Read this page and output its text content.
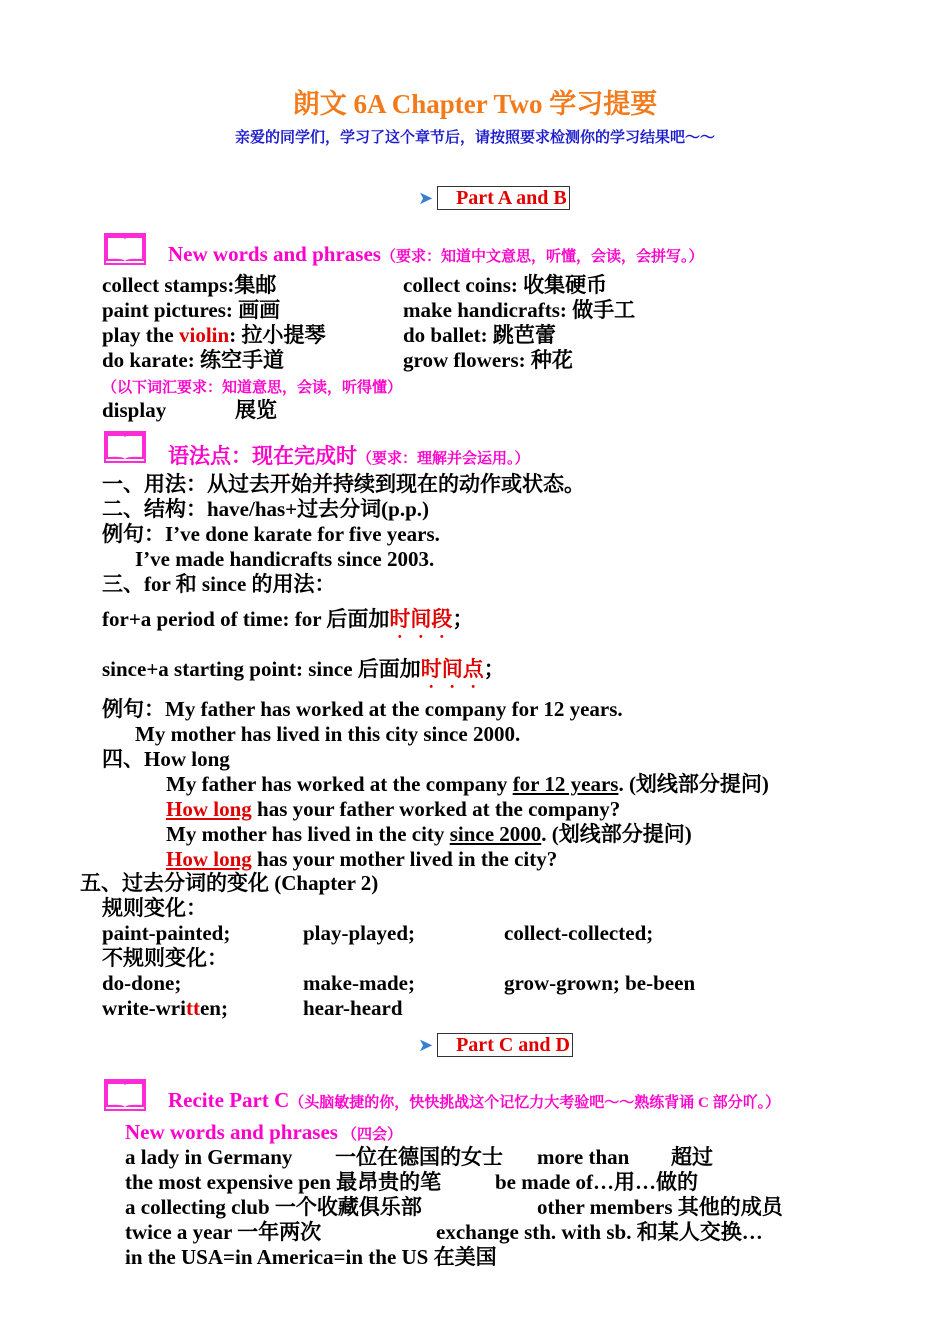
朗文 6A Chapter Two 学习提要
亲爱的同学们，学习了这个章节后，请按照要求检测你的学习结果吧～～
➤ Part A and B
New words and phrases（要求：知道中文意思，听懂，会读，会拼写。）
collect stamps:集邮	collect coins: 收集硬币
paint pictures: 画画	make handicrafts: 做手工
play the violin: 拉小提琴	do ballet: 跳芭蕾
do karate: 练空手道	grow flowers: 种花
（以下词汇要求：知道意思，会读，听得懂）
display	展览
语法点：现在完成时（要求：理解并会运用。）
一、用法：从过去开始并持续到现在的动作或状态。
二、结构：have/has+过去分词(p.p.)
例句：I’ve done karate for five years.
I’ve made handicrafts since 2003.
三、for 和 since 的用法：
for+a period of time: for 后面加时间段；
since+a starting point: since 后面加时间点；
例句：My father has worked at the company for 12 years.
My mother has lived in this city since 2000.
四、How long
My father has worked at the company for 12 years. (划线部分提问)
How long has your father worked at the company?
My mother has lived in the city since 2000. (划线部分提问)
How long has your mother lived in the city?
五、过去分词的变化 (Chapter 2)
规则变化：
paint-painted;	play-played;	collect-collected;
不规则变化：
do-done;	make-made;	grow-grown; be-been
write-written;	hear-heard
➤ Part C and D
Recite Part C（头脑敏捷的你，快快挑战这个记忆力大考验吧～～熟练背诵 C 部分吖。）
New words and phrases （四会）
a lady in Germany 一位在德国的女士 more than 超过
the most expensive pen 最昂贵的笔	be made of…用…做的
a collecting club 一个收藏俱乐部	other members 其他的成员
twice a year 一年两次	exchange sth. with sb. 和某人交换…
in the USA=in America=in the US 在美国
